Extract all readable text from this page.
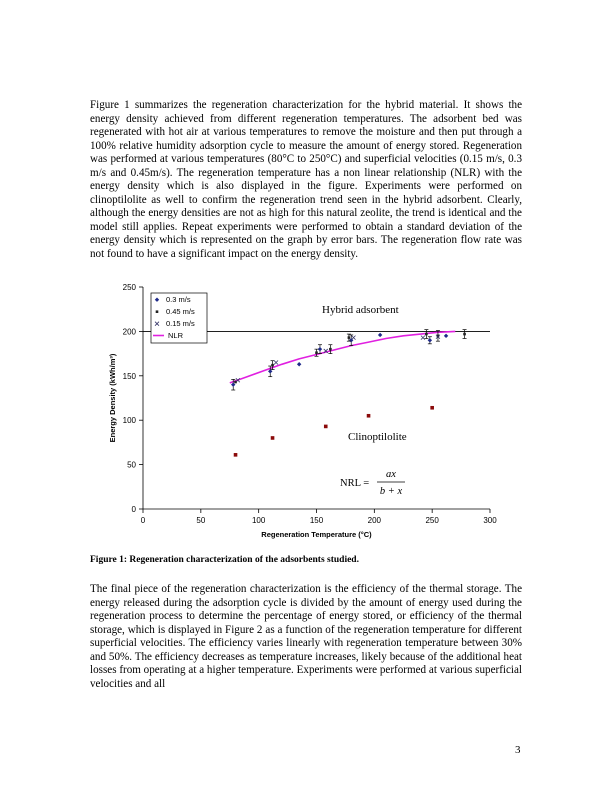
Figure 1 summarizes the regeneration characterization for the hybrid material. It shows the energy density achieved from different regeneration temperatures. The adsorbent bed was regenerated with hot air at various temperatures to remove the moisture and then put through a 100% relative humidity adsorption cycle to measure the amount of energy stored. Regeneration was performed at various temperatures (80°C to 250°C) and superficial velocities (0.15 m/s, 0.3 m/s and 0.45m/s). The regeneration temperature has a non linear relationship (NLR) with the energy density which is also displayed in the figure. Experiments were performed on clinoptilolite as well to confirm the regeneration trend seen in the hybrid adsorbent. Clearly, although the energy densities are not as high for this natural zeolite, the trend is identical and the model still applies. Repeat experiments were performed to obtain a standard deviation of the energy density which is represented on the graph by error bars. The regeneration flow rate was not found to have a significant impact on the energy density.

0	50	100	150	200	250	300
0
50
100
150
200
250
Regeneration Temperature (°C)
Energy Density (kWh/m³)
Hybrid adsorbent
Clinoptilolite
NRL =
ax
b + x
0.3 m/s
0.45 m/s
0.15 m/s
NLR

Figure 1: Regeneration characterization of the adsorbents studied.

The final piece of the regeneration characterization is the efficiency of the thermal storage. The energy released during the adsorption cycle is divided by the amount of energy used during the regeneration process to determine the percentage of energy stored, or efficiency of the thermal storage, which is displayed in Figure 2 as a function of the regeneration temperature for different superficial velocities. The efficiency varies linearly with regeneration temperature between 30% and 50%. The efficiency decreases as temperature increases, likely because of the additional heat losses from operating at a higher temperature. Experiments were performed at various superficial velocities and all

3
